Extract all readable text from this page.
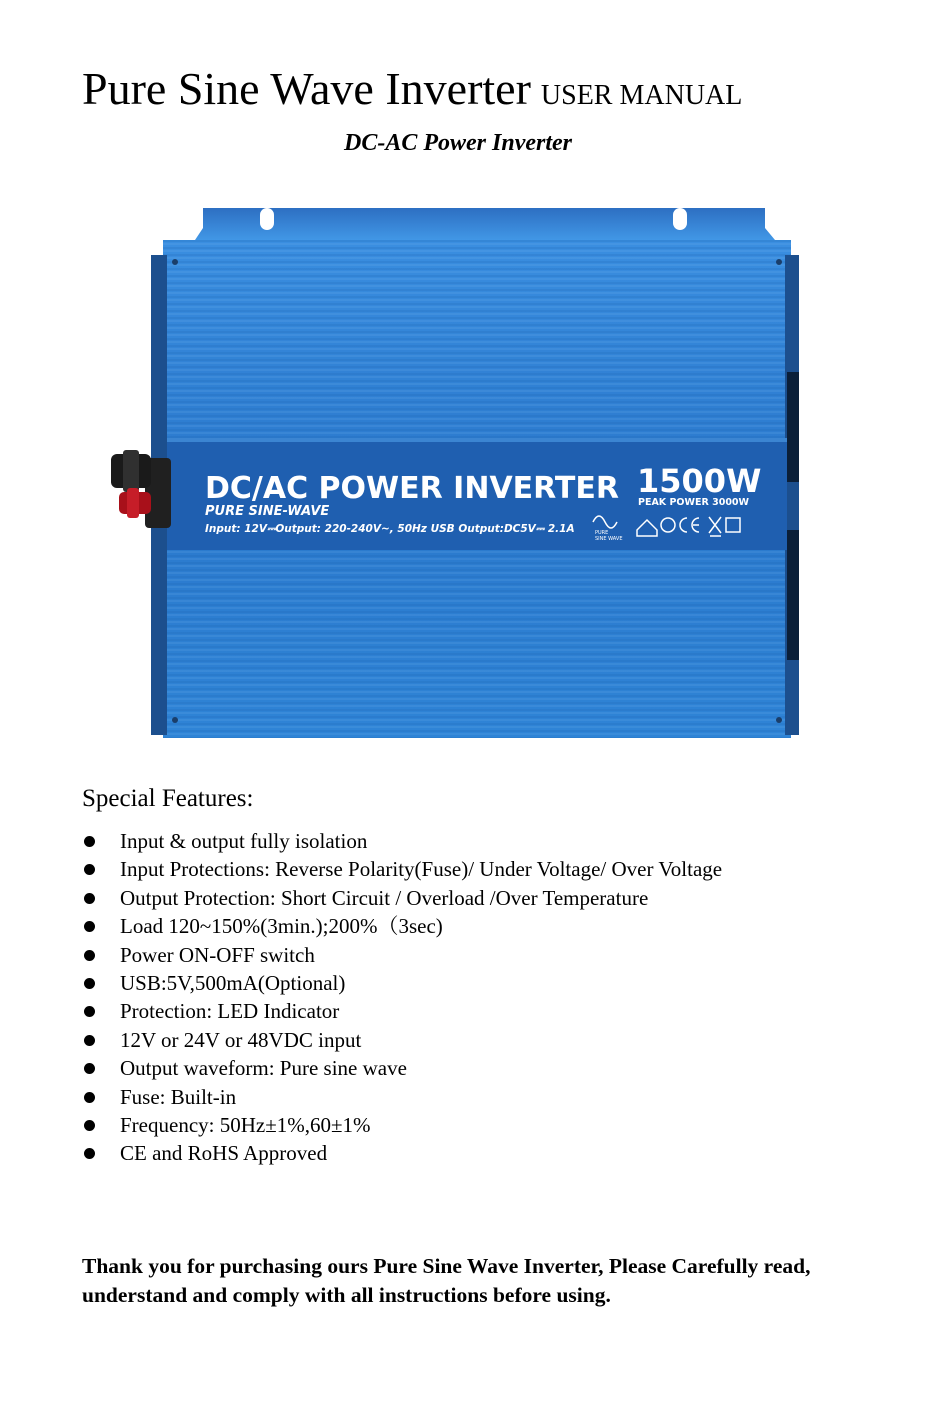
Pure Sine Wave Inverter USER MANUAL
DC-AC Power Inverter
DC/AC POWER INVERTER
PURE SINE-WAVE
Input: 12V⎓Output: 220-240V~, 50Hz USB Output:DC5V⎓ 2.1A
1500W
PEAK POWER 3000W
PURE
SINE WAVE
Special Features:
Input & output fully isolation
Input Protections: Reverse Polarity(Fuse)/ Under Voltage/ Over Voltage
Output Protection: Short Circuit / Overload /Over Temperature
Load 120~150%(3min.);200%（3sec)
Power ON-OFF switch
USB:5V,500mA(Optional)
Protection: LED Indicator
12V or 24V or 48VDC input
Output waveform: Pure sine wave
Fuse: Built-in
Frequency: 50Hz±1%,60±1%
CE and RoHS Approved
Thank you for purchasing ours Pure Sine Wave Inverter, Please Carefully read, understand and comply with all instructions before using.
